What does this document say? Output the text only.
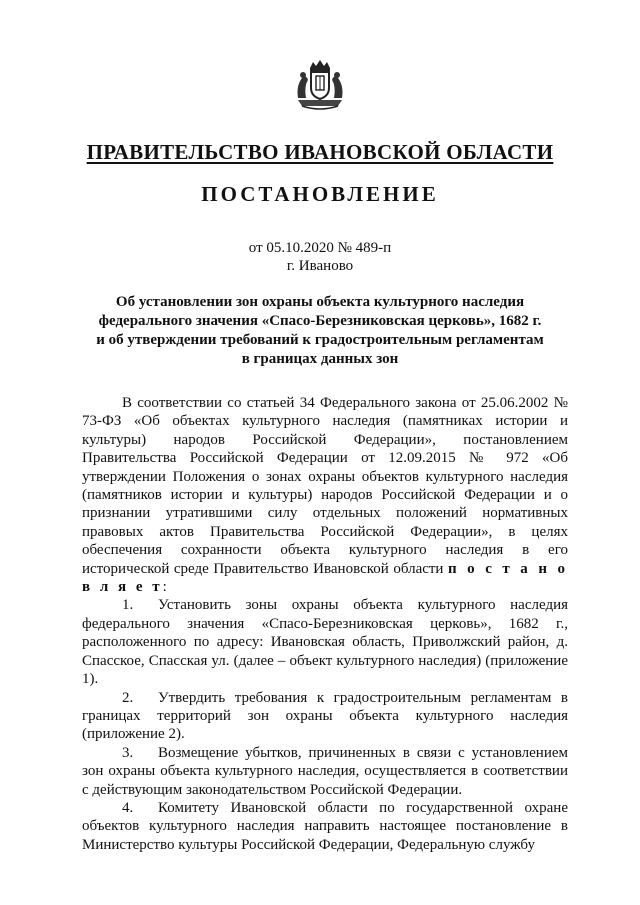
ПРАВИТЕЛЬСТВО ИВАНОВСКОЙ ОБЛАСТИ
ПОСТАНОВЛЕНИЕ
от 05.10.2020 № 489-п
г. Иваново
Об установлении зон охраны объекта культурного наследия
федерального значения «Спасо-Березниковская церковь», 1682 г.
и об утверждении требований к градостроительным регламентам
в границах данных зон

В соответствии со статьей 34 Федерального закона от 25.06.2002 № 73-ФЗ «Об объектах культурного наследия (памятниках истории и культуры) народов Российской Федерации», постановлением Правительства Российской Федерации от 12.09.2015 № 972 «Об утверждении Положения о зонах охраны объектов культурного наследия (памятников истории и культуры) народов Российской Федерации и о признании утратившими силу отдельных положений нормативных правовых актов Правительства Российской Федерации», в целях обеспечения сохранности объекта культурного наследия в его исторической среде Правительство Ивановской области п о с т а н о в л я е т:

1. Установить зоны охраны объекта культурного наследия федерального значения «Спасо-Березниковская церковь», 1682 г., расположенного по адресу: Ивановская область, Приволжский район, д. Спасское, Спасская ул. (далее – объект культурного наследия) (приложение 1).

2. Утвердить требования к градостроительным регламентам в границах территорий зон охраны объекта культурного наследия (приложение 2).

3. Возмещение убытков, причиненных в связи с установлением зон охраны объекта культурного наследия, осуществляется в соответствии с действующим законодательством Российской Федерации.

4. Комитету Ивановской области по государственной охране объектов культурного наследия направить настоящее постановление в Министерство культуры Российской Федерации, Федеральную службу
